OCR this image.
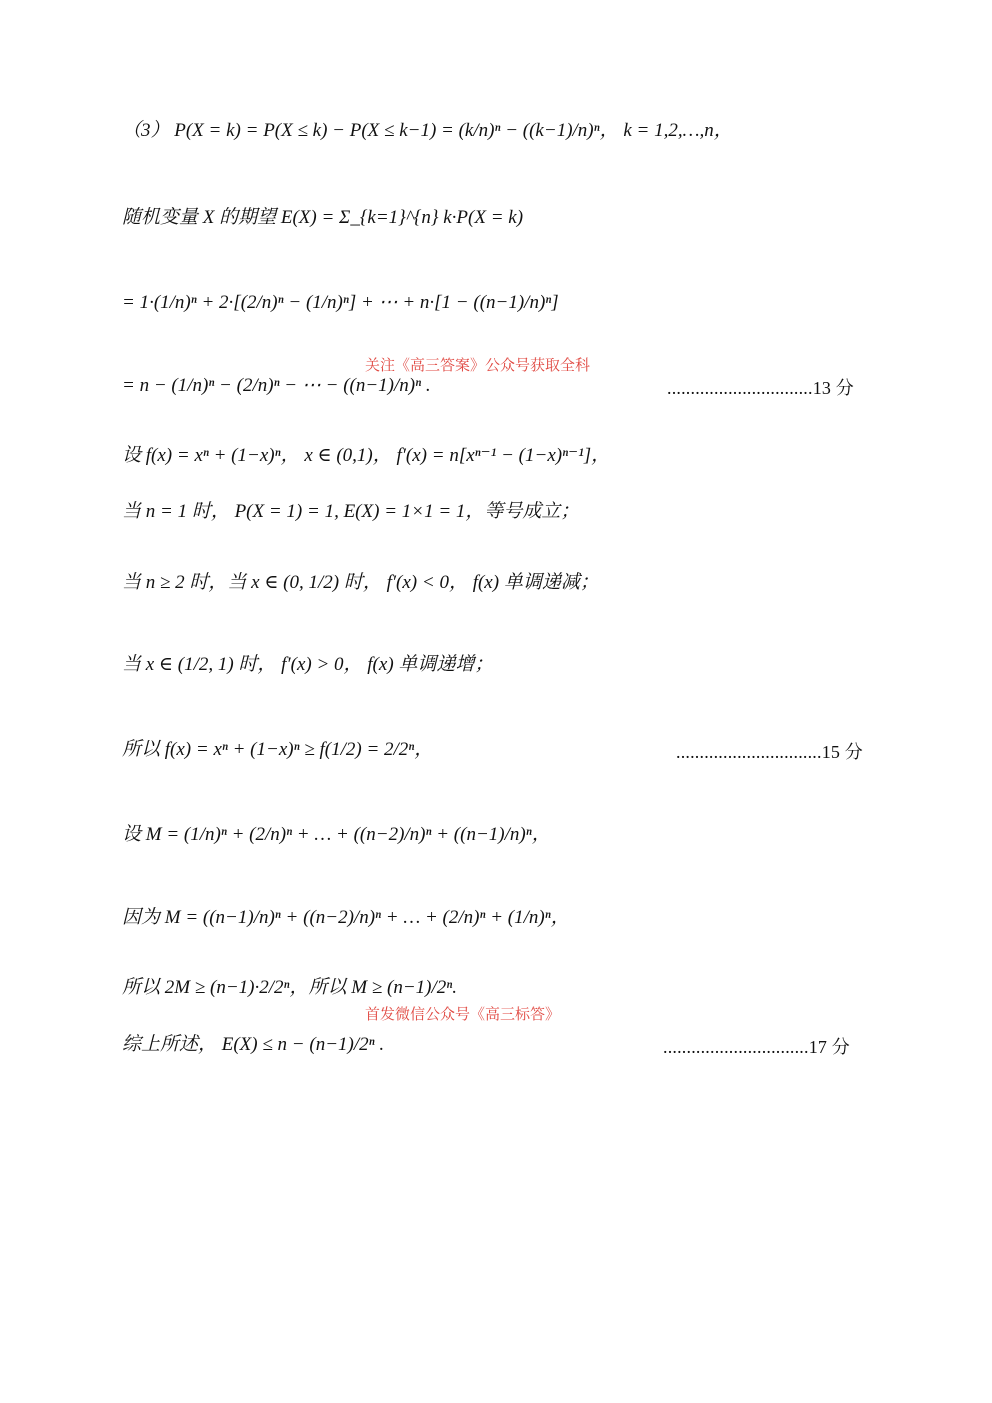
（3） P(X = k) = P(X ≤ k) − P(X ≤ k−1) = (k/n)ⁿ − ((k−1)/n)ⁿ， k = 1,2,…,n，
随机变量 X 的期望 E(X) = Σ_{k=1}^{n} k·P(X = k)
= 1·(1/n)ⁿ + 2·[(2/n)ⁿ − (1/n)ⁿ] + ⋯ + n·[1 − ((n−1)/n)ⁿ]
关注《高三答案》公众号获取全科
= n − (1/n)ⁿ − (2/n)ⁿ − ⋯ − ((n−1)/n)ⁿ .	...............................13 分
设 f(x) = xⁿ + (1−x)ⁿ， x ∈ (0,1)， f′(x) = n[xⁿ⁻¹ − (1−x)ⁿ⁻¹]，
当 n = 1 时， P(X = 1) = 1, E(X) = 1×1 = 1，等号成立；
当 n ≥ 2 时，当 x ∈ (0, 1/2) 时， f′(x) < 0， f(x) 单调递减；
当 x ∈ (1/2, 1) 时， f′(x) > 0， f(x) 单调递增；
所以 f(x) = xⁿ + (1−x)ⁿ ≥ f(1/2) = 2/2ⁿ，	...............................15 分
设 M = (1/n)ⁿ + (2/n)ⁿ + … + ((n−2)/n)ⁿ + ((n−1)/n)ⁿ，
因为 M = ((n−1)/n)ⁿ + ((n−2)/n)ⁿ + … + (2/n)ⁿ + (1/n)ⁿ，
所以 2M ≥ (n−1)·2/2ⁿ，所以 M ≥ (n−1)/2ⁿ.
首发微信公众号《高三标答》
综上所述， E(X) ≤ n − (n−1)/2ⁿ .	...............................17 分
